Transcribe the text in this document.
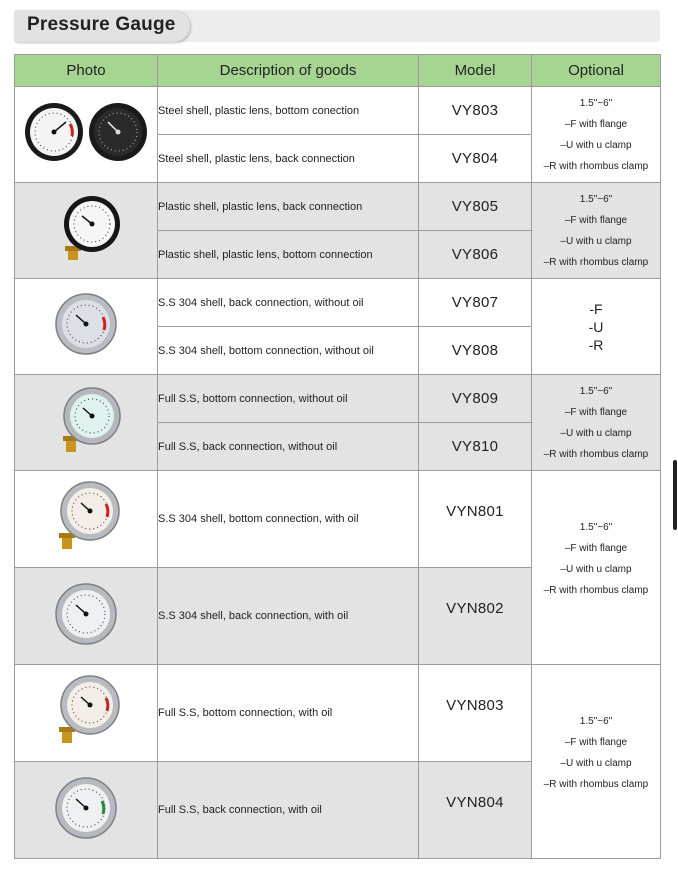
Pressure Gauge
Photo	Description of goods	Model	Optional
	Steel shell, plastic lens, bottom conection	VY803	1.5"~6"
–F with flange
–U with u clamp
–R with rhombus clamp

	Steel shell, plastic lens, back connection	VY804	
	Plastic shell, plastic lens, back connection	VY805	1.5"~6"
–F with flange
–U with u clamp
–R with rhombus clamp

	Plastic shell, plastic lens, bottom connection	VY806	
	S.S 304 shell, back connection, without oil	VY807	-F
-U
-R

	S.S 304 shell, bottom connection, without oil	VY808	
	Full S.S, bottom connection, without oil	VY809	1.5"~6"
–F with flange
–U with u clamp
–R with rhombus clamp

	Full S.S, back connection, without oil	VY810	
	S.S 304 shell, bottom connection, with oil	VYN801	1.5"~6"
–F with flange
–U with u clamp
–R with rhombus clamp

	S.S 304 shell, back connection, with oil	VYN802	
	Full S.S, bottom connection, with oil	VYN803	1.5"~6"
–F with flange
–U with u clamp
–R with rhombus clamp

	Full S.S, back connection, with oil	VYN804	
